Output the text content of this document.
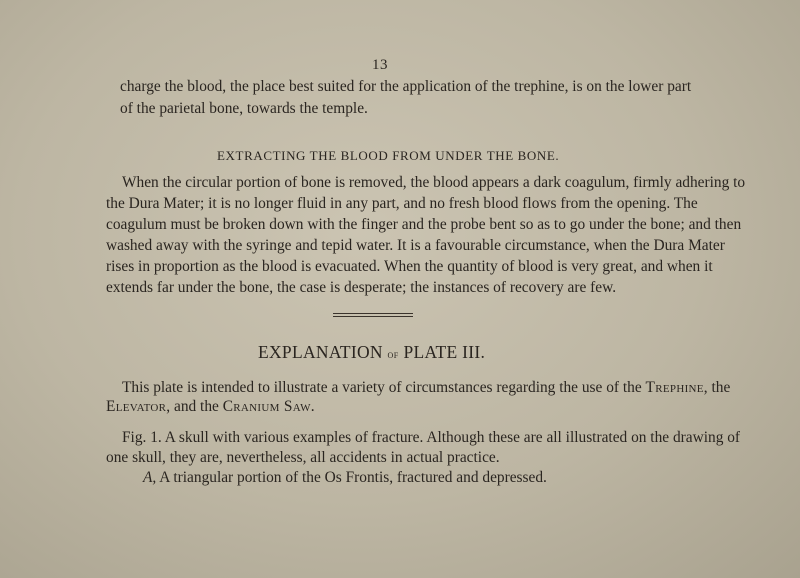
13
charge the blood, the place best suited for the application of the trephine, is on the lower part
of the parietal bone, towards the temple.
EXTRACTING THE BLOOD FROM UNDER THE BONE.
When the circular portion of bone is removed, the blood appears a dark coagulum, firmly adhering to
the Dura Mater; it is no longer fluid in any part, and no fresh blood flows from the opening. The
coagulum must be broken down with the finger and the probe bent so as to go under the bone; and then
washed away with the syringe and tepid water. It is a favourable circumstance, when the Dura Mater
rises in proportion as the blood is evacuated. When the quantity of blood is very great, and when it
extends far under the bone, the case is desperate; the instances of recovery are few.
EXPLANATION of PLATE III.
This plate is intended to illustrate a variety of circumstances regarding the use of the Trephine, the
Elevator, and the Cranium Saw.
Fig. 1. A skull with various examples of fracture. Although these are all illustrated on the drawing of
one skull, they are, nevertheless, all accidents in actual practice.
A, A triangular portion of the Os Frontis, fractured and depressed.
